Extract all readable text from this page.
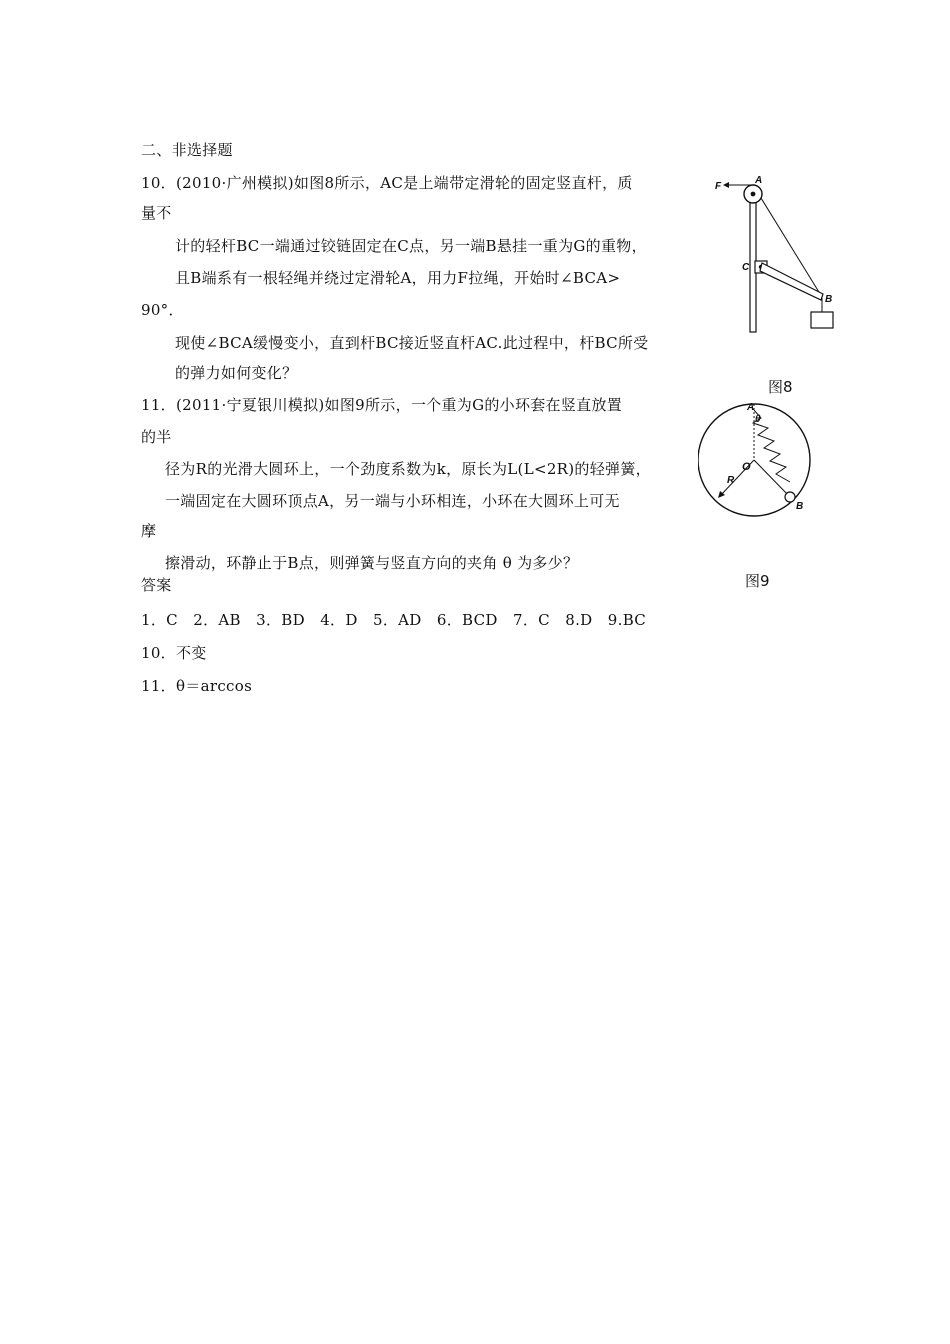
二、非选择题
10．(2010·广州模拟)如图8所示，AC是上端带定滑轮的固定竖直杆，质
量不
计的轻杆BC一端通过铰链固定在C点，另一端B悬挂一重为G的重物，
且B端系有一根轻绳并绕过定滑轮A，用力F拉绳，开始时∠BCA>
90°．
现使∠BCA缓慢变小，直到杆BC接近竖直杆AC.此过程中，杆BC所受
的弹力如何变化？
11．(2011·宁夏银川模拟)如图9所示，一个重为G的小环套在竖直放置
的半
径为R的光滑大圆环上，一个劲度系数为k，原长为L(L<2R)的轻弹簧，
一端固定在大圆环顶点A，另一端与小环相连，小环在大圆环上可无
摩
擦滑动，环静止于B点，则弹簧与竖直方向的夹角 θ 为多少？
答案
1．C　2．AB　3．BD　4．D　5．AD　6．BCD　7．C　8.D　9.BC
10．不变
11．θ＝arccos
F
A
C
B
图8
A
θ
O
R
B
图9
